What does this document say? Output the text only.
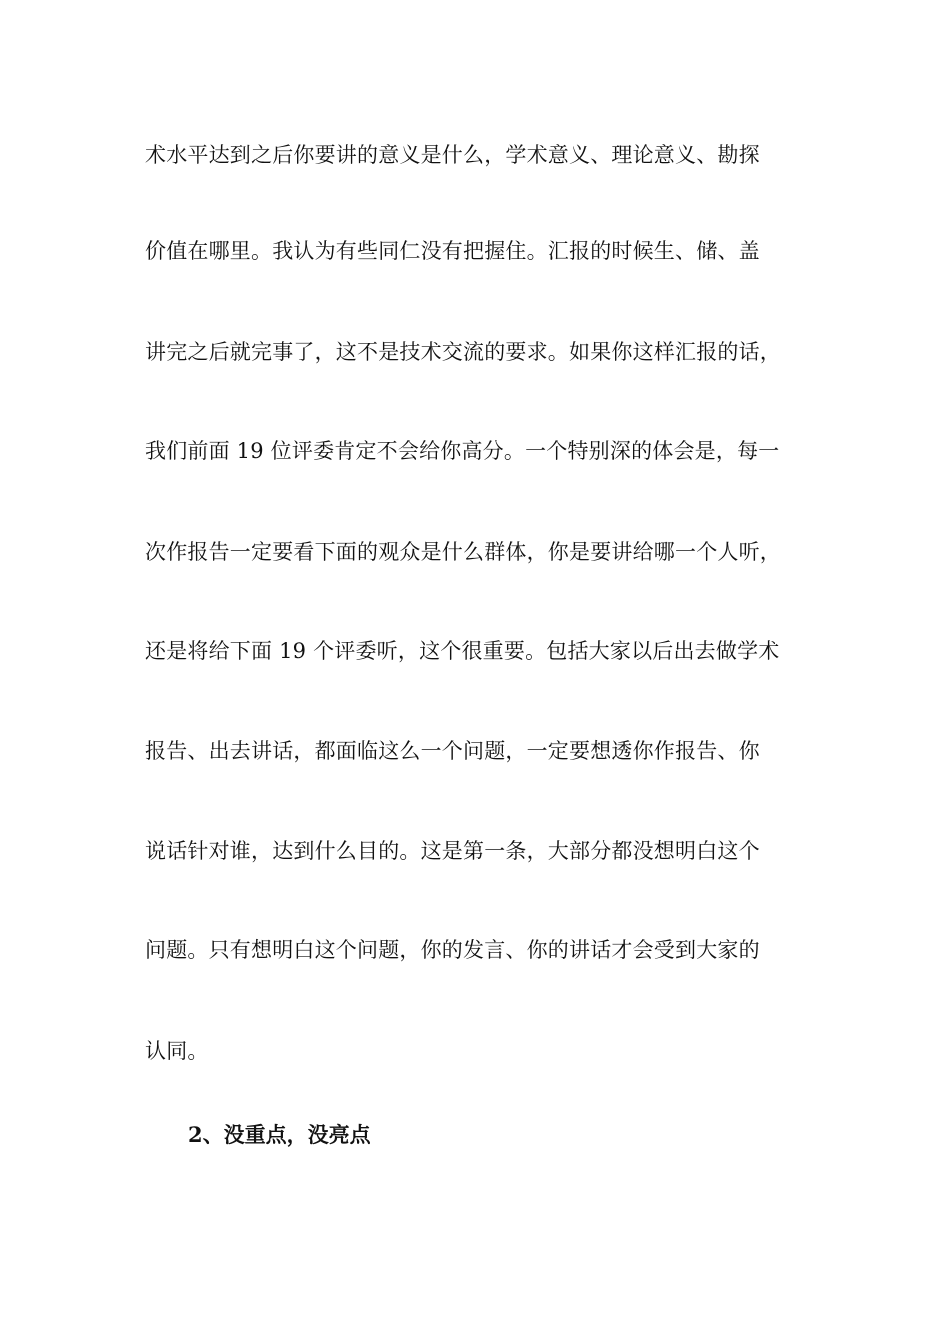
术水平达到之后你要讲的意义是什么，学术意义、理论意义、勘探
价值在哪里。我认为有些同仁没有把握住。汇报的时候生、储、盖
讲完之后就完事了，这不是技术交流的要求。如果你这样汇报的话，
我们前面 19 位评委肯定不会给你高分。一个特别深的体会是，每一
次作报告一定要看下面的观众是什么群体，你是要讲给哪一个人听，
还是将给下面 19 个评委听，这个很重要。包括大家以后出去做学术
报告、出去讲话，都面临这么一个问题，一定要想透你作报告、你
说话针对谁，达到什么目的。这是第一条，大部分都没想明白这个
问题。只有想明白这个问题，你的发言、你的讲话才会受到大家的
认同。
2、没重点，没亮点
